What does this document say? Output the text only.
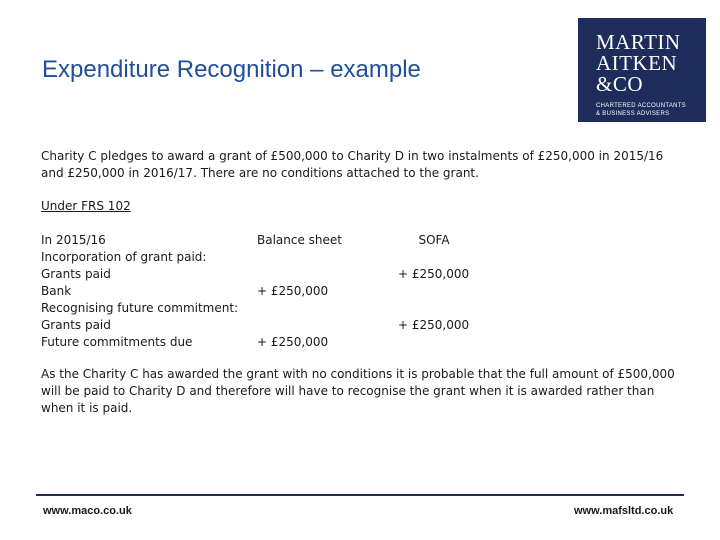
Expenditure Recognition – example
MARTIN
AITKEN
&CO
CHARTERED ACCOUNTANTS
& BUSINESS ADVISERS
Charity C pledges to award a grant of £500,000 to Charity D in two instalments of £250,000 in 2015/16 and £250,000 in 2016/17. There are no conditions attached to the grant.
Under FRS 102
In 2015/16
Incorporation of grant paid:
Grants paid
Bank
Recognising future commitment:
Grants paid
Future commitments due
Balance sheet
+ £250,000
+ £250,000
SOFA
+ £250,000
+ £250,000
As the Charity C has awarded the grant with no conditions it is probable that the full amount of £500,000 will be paid to Charity D and therefore will have to recognise the grant when it is awarded rather than when it is paid.
www.maco.co.uk	www.mafsltd.co.uk
